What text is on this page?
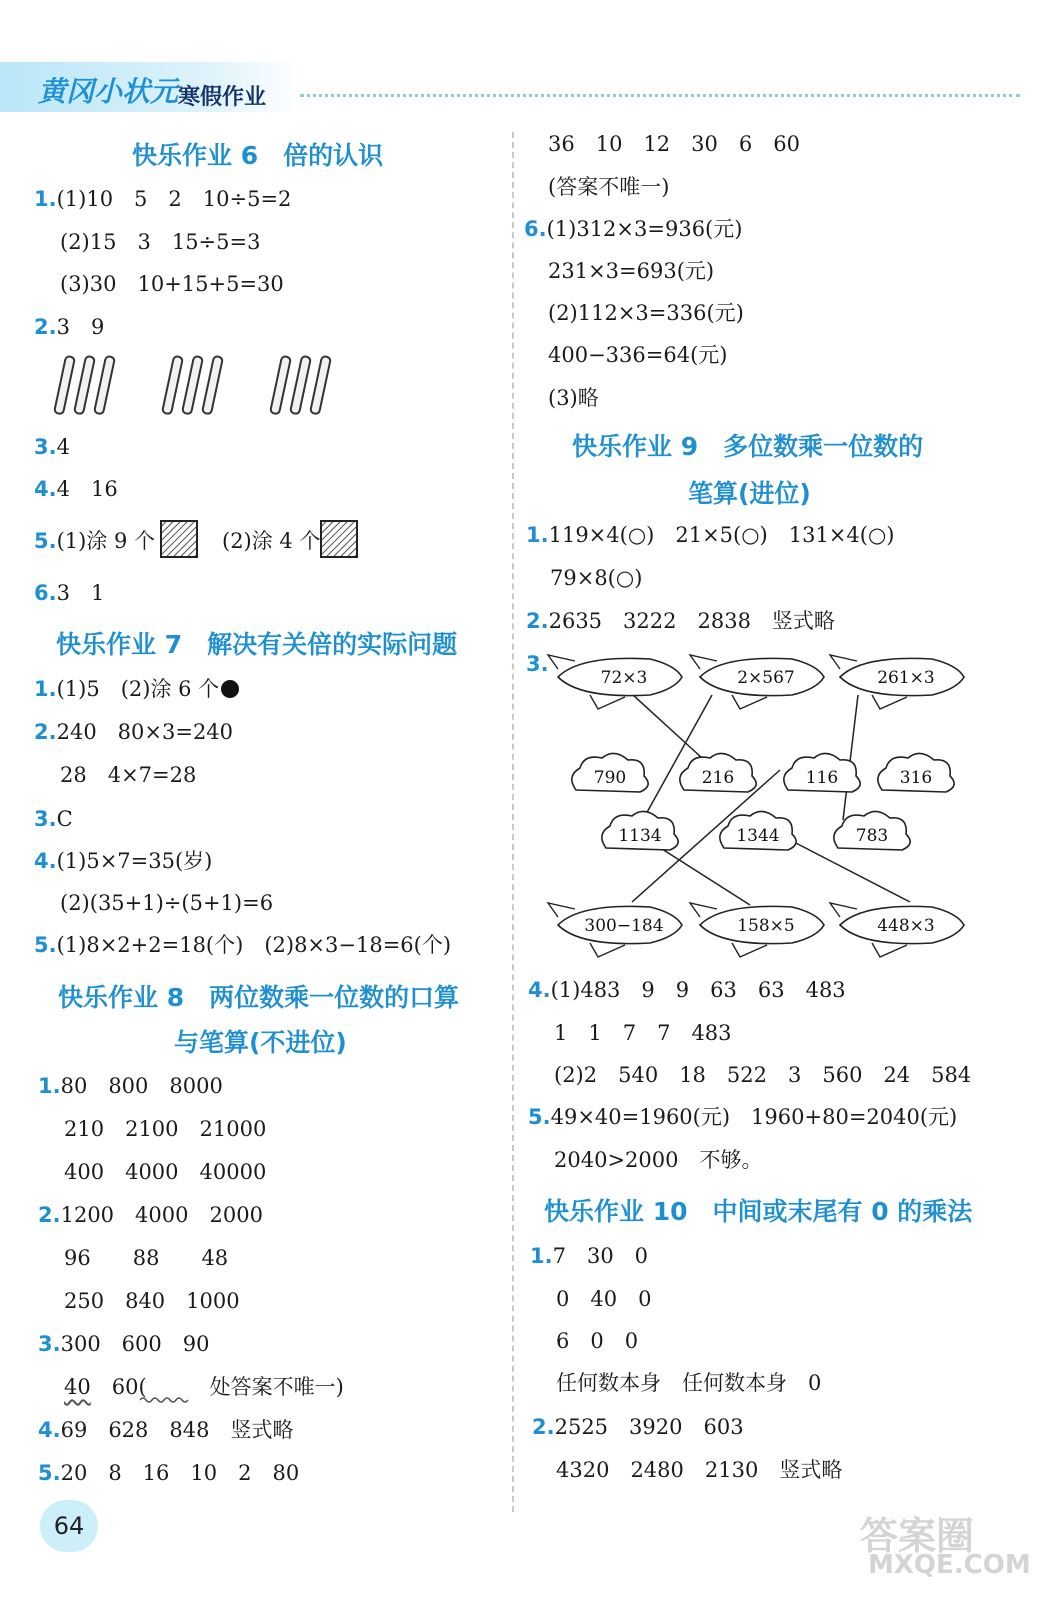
黄冈小状元 寒假作业
快乐作业 6　倍的认识
1.(1)10　5　2　10÷5=2
(2)15　3　15÷5=3
(3)30　10+15+5=30
2.3　9
3.4
4.4　16
5.(1)涂 9 个	(2)涂 4 个
6.3　1
快乐作业 7　解决有关倍的实际问题
1.(1)5　(2)涂 6 个
2.240　80×3=240
28　4×7=28
3.C
4.(1)5×7=35(岁)
(2)(35+1)÷(5+1)=6
5.(1)8×2+2=18(个)　(2)8×3−18=6(个)
快乐作业 8　两位数乘一位数的口算
与笔算(不进位)
1.80　800　8000
210　2100　21000
400　4000　40000
2.1200　4000　2000
96　　88　　48
250　840　1000
3.300　600　90
40　 60(　　　处答案不唯一)
4.69　628　848　竖式略
5.20　8　16　10　2　80
36　10　12　30　6　60
(答案不唯一)
6.(1)312×3=936(元)
231×3=693(元)
(2)112×3=336(元)
400−336=64(元)
(3)略
快乐作业 9　多位数乘一位数的
笔算(进位)
1.119×4(○)　21×5(○)　131×4(○)
79×8(○)
2.2635　3222　2838　竖式略
3.
72×3	2×567	261×3
790	216	116	316
1134	1344	783
300−184	158×5	448×3
4.(1)483　9　9　63　63　483
1　1　7　7　483
(2)2　540　18　522　3　560　24　584
5.49×40=1960(元)　1960+80=2040(元)
2040>2000　不够。
快乐作业 10　中间或末尾有 0 的乘法
1.7　30　0
0　40　0
6　0　0
任何数本身　任何数本身　0
2.2525　3920　603
4320　2480　2130　竖式略
64	答案圈
MXQE.COM
